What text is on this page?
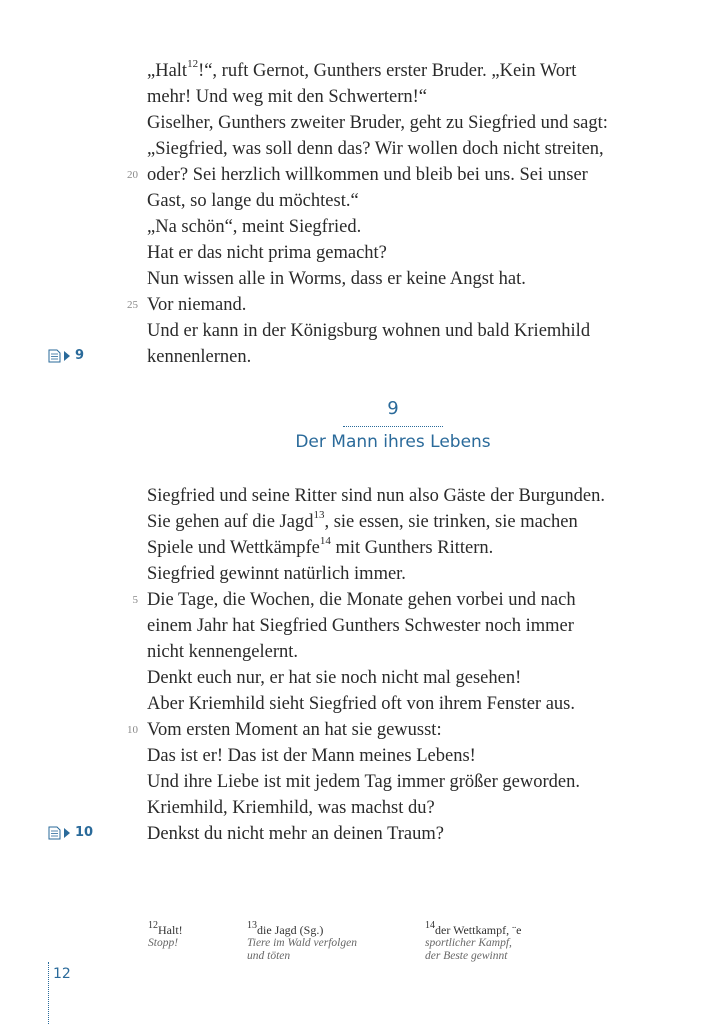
„Halt$^{12}$!“, ruft Gernot, Gunthers erster Bruder. „Kein Wort
mehr! Und weg mit den Schwertern!“
Giselher, Gunthers zweiter Bruder, geht zu Siegfried und sagt:
„Siegfried, was soll denn das? Wir wollen doch nicht streiten,
oder? Sei herzlich willkommen und bleib bei uns. Sei unser
Gast, so lange du möchtest.“
„Na schön“, meint Siegfried.
Hat er das nicht prima gemacht?
Nun wissen alle in Worms, dass er keine Angst hat.
Vor niemand.
Und er kann in der Königsburg wohnen und bald Kriemhild
kennenlernen.
20
25
9
9
Der Mann ihres Lebens
Siegfried und seine Ritter sind nun also Gäste der Burgunden.
Sie gehen auf die Jagd$^{13}$, sie essen, sie trinken, sie machen
Spiele und Wettkämpfe$^{14}$ mit Gunthers Rittern.
Siegfried gewinnt natürlich immer.
Die Tage, die Wochen, die Monate gehen vorbei und nach
einem Jahr hat Siegfried Gunthers Schwester noch immer
nicht kennengelernt.
Denkt euch nur, er hat sie noch nicht mal gesehen!
Aber Kriemhild sieht Siegfried oft von ihrem Fenster aus.
Vom ersten Moment an hat sie gewusst:
Das ist er! Das ist der Mann meines Lebens!
Und ihre Liebe ist mit jedem Tag immer größer geworden.
Kriemhild, Kriemhild, was machst du?
Denkst du nicht mehr an deinen Traum?
5
10
10
$^{12}$Halt!
Stopp!
$^{13}$die Jagd (Sg.)
Tiere im Wald verfolgen
und töten
$^{14}$der Wettkampf, ¨e
sportlicher Kampf,
der Beste gewinnt
12
